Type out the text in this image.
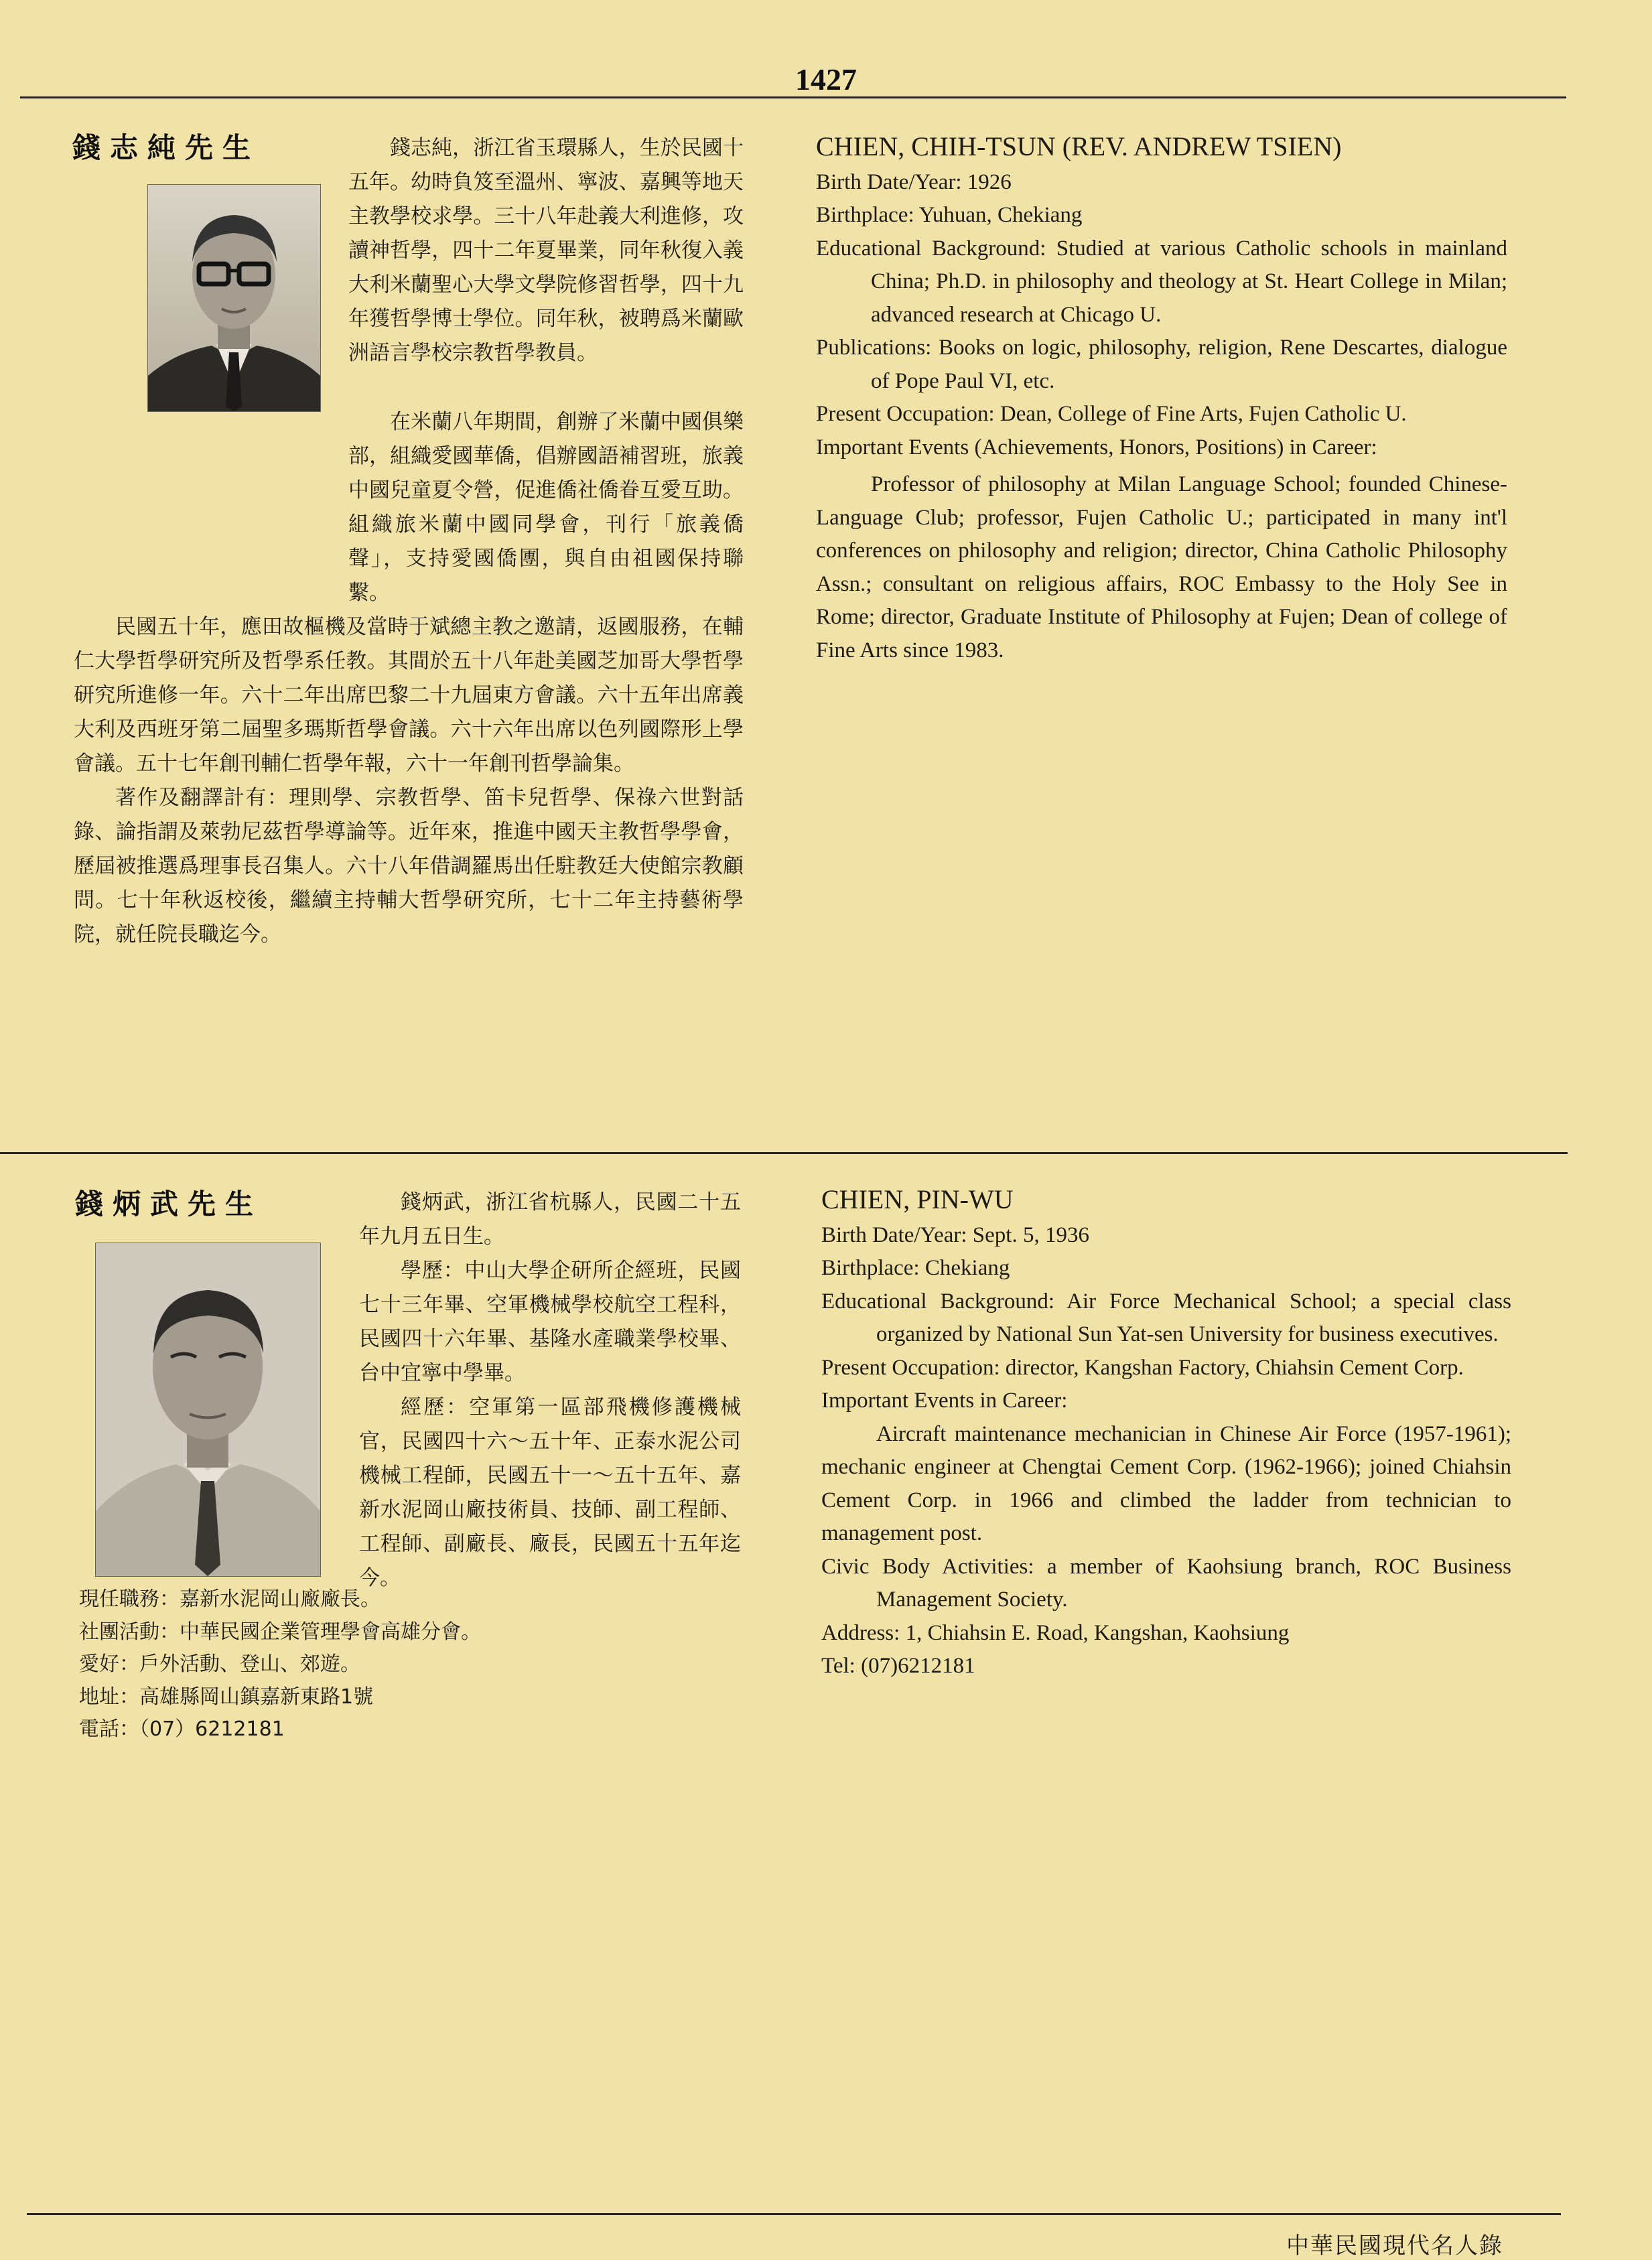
1427
錢志純先生	錢志純，浙江省玉環縣人，生於民國十五年。幼時負笈至溫州、寧波、嘉興等地天主教學校求學。三十八年赴義大利進修，攻讀神哲學，四十二年夏畢業，同年秋復入義大利米蘭聖心大學文學院修習哲學，四十九年獲哲學博士學位。同年秋，被聘爲米蘭歐洲語言學校宗教哲學教員。

在米蘭八年期間，創辦了米蘭中國俱樂部，組織愛國華僑，倡辦國語補習班，旅義中國兒童夏令營，促進僑社僑眷互愛互助。組織旅米蘭中國同學會，刊行「旅義僑聲」，支持愛國僑團，與自由祖國保持聯繫。

民國五十年，應田故樞機及當時于斌總主教之邀請，返國服務，在輔仁大學哲學研究所及哲學系任教。其間於五十八年赴美國芝加哥大學哲學研究所進修一年。六十二年出席巴黎二十九屆東方會議。六十五年出席義大利及西班牙第二屆聖多瑪斯哲學會議。六十六年出席以色列國際形上學會議。五十七年創刊輔仁哲學年報，六十一年創刊哲學論集。

著作及翻譯計有：理則學、宗教哲學、笛卡兒哲學、保祿六世對話錄、論指謂及萊勃尼茲哲學導論等。近年來，推進中國天主教哲學學會，歷屆被推選爲理事長召集人。六十八年借調羅馬出任駐教廷大使館宗教顧問。七十年秋返校後，繼續主持輔大哲學研究所，七十二年主持藝術學院，就任院長職迄今。

CHIEN, CHIH-TSUN (REV. ANDREW TSIEN)
Birth Date/Year: 1926
Birthplace: Yuhuan, Chekiang
Educational Background: Studied at various Catholic schools in mainland China; Ph.D. in philosophy and theology at St. Heart College in Milan; advanced research at Chicago U.
Publications: Books on logic, philosophy, religion, Rene Descartes, dialogue of Pope Paul VI, etc.
Present Occupation: Dean, College of Fine Arts, Fujen Catholic U.
Important Events (Achievements, Honors, Positions) in Career:
Professor of philosophy at Milan Language School; founded Chinese-Language Club; professor, Fujen Catholic U.; participated in many int'l conferences on philosophy and religion; director, China Catholic Philosophy Assn.; consultant on religious affairs, ROC Embassy to the Holy See in Rome; director, Graduate Institute of Philosophy at Fujen; Dean of college of Fine Arts since 1983.
錢炳武先生	錢炳武，浙江省杭縣人，民國二十五年九月五日生。

學歷：中山大學企研所企經班，民國七十三年畢、空軍機械學校航空工程科，民國四十六年畢、基隆水產職業學校畢、台中宜寧中學畢。

經歷：空軍第一區部飛機修護機械官，民國四十六～五十年、正泰水泥公司機械工程師，民國五十一～五十五年、嘉新水泥岡山廠技術員、技師、副工程師、工程師、副廠長、廠長，民國五十五年迄今。

現任職務：嘉新水泥岡山廠廠長。
社團活動：中華民國企業管理學會高雄分會。
愛好：戶外活動、登山、郊遊。
地址：高雄縣岡山鎮嘉新東路1號
電話：（07）6212181
CHIEN, PIN-WU
Birth Date/Year: Sept. 5, 1936
Birthplace: Chekiang
Educational Background: Air Force Mechanical School; a special class organized by National Sun Yat-sen University for business executives.
Present Occupation: director, Kangshan Factory, Chiahsin Cement Corp.
Important Events in Career:
Aircraft maintenance mechanician in Chinese Air Force (1957-1961); mechanic engineer at Chengtai Cement Corp. (1962-1966); joined Chiahsin Cement Corp. in 1966 and climbed the ladder from technician to management post.
Civic Body Activities: a member of Kaohsiung branch, ROC Business Management Society.
Address: 1, Chiahsin E. Road, Kangshan, Kaohsiung
Tel: (07)6212181
中華民國現代名人錄
